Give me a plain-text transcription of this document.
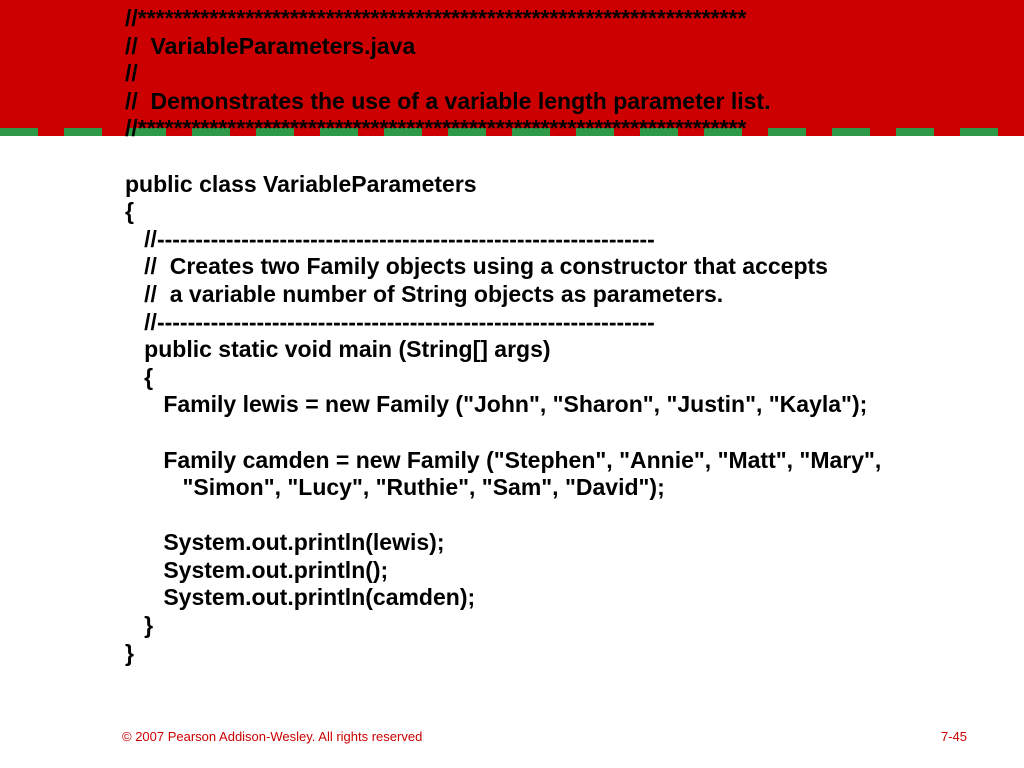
• //********************************************************************
//  VariableParameters.java
//
//  Demonstrates the use of a variable length parameter list.
//********************************************************************
public class VariableParameters
{
//-----------------------------------------------------------------
//  Creates two Family objects using a constructor that accepts
//  a variable number of String objects as parameters.
//-----------------------------------------------------------------
public static void main (String[] args)
{
Family lewis = new Family ("John", "Sharon", "Justin", "Kayla");
Family camden = new Family ("Stephen", "Annie", "Matt", "Mary",
"Simon", "Lucy", "Ruthie", "Sam", "David");
System.out.println(lewis);
System.out.println();
System.out.println(camden);
}
}
© 2007 Pearson Addison-Wesley. All rights reserved	7-45
